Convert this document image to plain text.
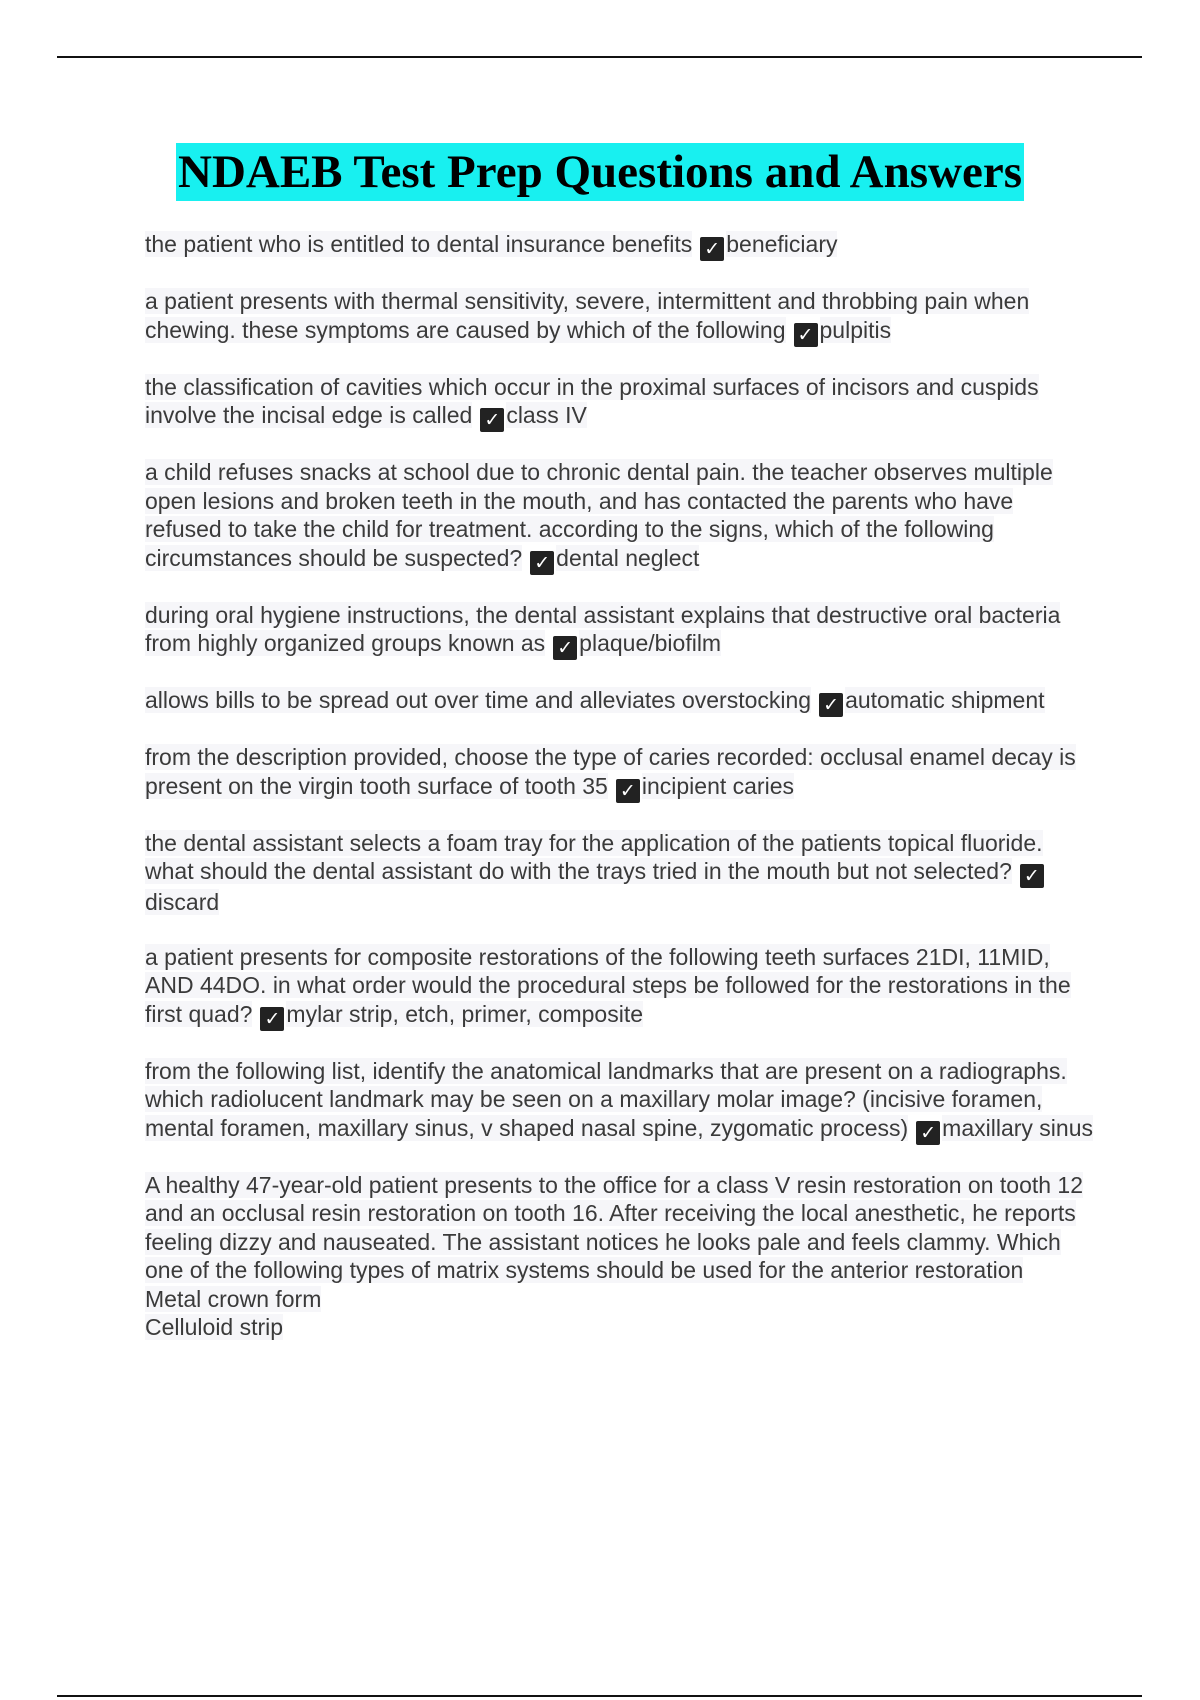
NDAEB Test Prep Questions and Answers
the patient who is entitled to dental insurance benefits ✓ beneficiary
a patient presents with thermal sensitivity, severe, intermittent and throbbing pain when chewing. these symptoms are caused by which of the following ✓ pulpitis
the classification of cavities which occur in the proximal surfaces of incisors and cuspids involve the incisal edge is called ✓ class IV
a child refuses snacks at school due to chronic dental pain. the teacher observes multiple open lesions and broken teeth in the mouth, and has contacted the parents who have refused to take the child for treatment. according to the signs, which of the following circumstances should be suspected? ✓ dental neglect
during oral hygiene instructions, the dental assistant explains that destructive oral bacteria from highly organized groups known as ✓ plaque/biofilm
allows bills to be spread out over time and alleviates overstocking ✓ automatic shipment
from the description provided, choose the type of caries recorded: occlusal enamel decay is present on the virgin tooth surface of tooth 35 ✓ incipient caries
the dental assistant selects a foam tray for the application of the patients topical fluoride. what should the dental assistant do with the trays tried in the mouth but not selected? ✓discard
a patient presents for composite restorations of the following teeth surfaces 21DI, 11MID, AND 44DO. in what order would the procedural steps be followed for the restorations in the first quad? ✓ mylar strip, etch, primer, composite
from the following list, identify the anatomical landmarks that are present on a radiographs. which radiolucent landmark may be seen on a maxillary molar image? (incisive foramen, mental foramen, maxillary sinus, v shaped nasal spine, zygomatic process) ✓ maxillary sinus
A healthy 47-year-old patient presents to the office for a class V resin restoration on tooth 12 and an occlusal resin restoration on tooth 16. After receiving the local anesthetic, he reports feeling dizzy and nauseated. The assistant notices he looks pale and feels clammy. Which one of the following types of matrix systems should be used for the anterior restoration
Metal crown form
Celluloid strip
